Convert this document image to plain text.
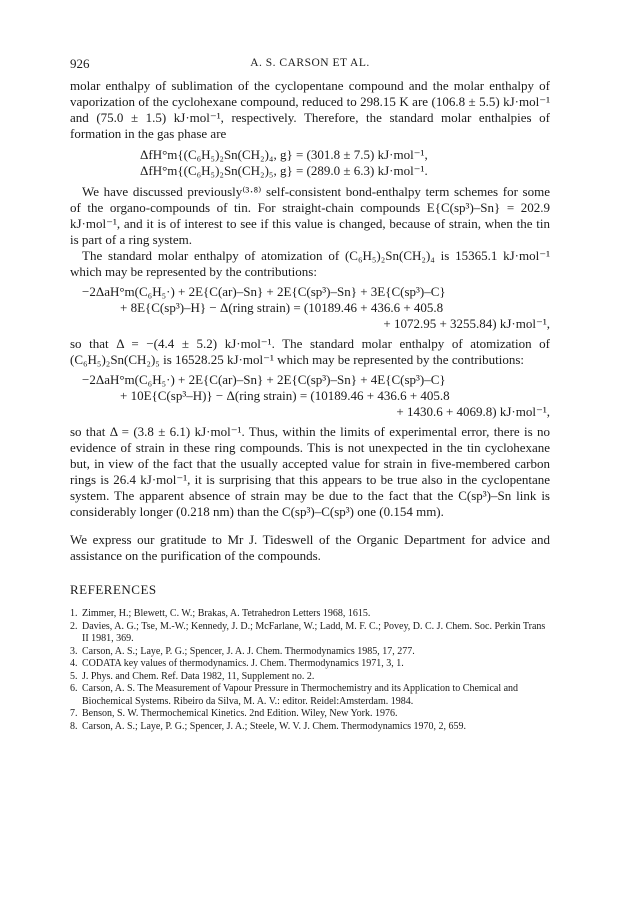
926	A. S. CARSON ET AL.

molar enthalpy of sublimation of the cyclopentane compound and the molar enthalpy of vaporization of the cyclohexane compound, reduced to 298.15 K are (106.8 ± 5.5) kJ·mol⁻¹ and (75.0 ± 1.5) kJ·mol⁻¹, respectively. Therefore, the standard molar enthalpies of formation in the gas phase are

ΔfH°m{(C₆H₅)₂Sn(CH₂)₄, g} = (301.8 ± 7.5) kJ·mol⁻¹,
ΔfH°m{(C₆H₅)₂Sn(CH₂)₅, g} = (289.0 ± 6.3) kJ·mol⁻¹.

We have discussed previously⁽³·⁸⁾ self-consistent bond-enthalpy term schemes for some of the organo-compounds of tin. For straight-chain compounds E{C(sp³)–Sn} = 202.9 kJ·mol⁻¹, and it is of interest to see if this value is changed, because of strain, when the tin is part of a ring system.

The standard molar enthalpy of atomization of (C₆H₅)₂Sn(CH₂)₄ is 15365.1 kJ·mol⁻¹ which may be represented by the contributions:

−2ΔaH°m(C₆H₅·) + 2E{C(ar)–Sn} + 2E{C(sp³)–Sn} + 3E{C(sp³)–C}
+ 8E{C(sp³)–H} − Δ(ring strain) = (10189.46 + 436.6 + 405.8
+ 1072.95 + 3255.84) kJ·mol⁻¹,

so that Δ = −(4.4 ± 5.2) kJ·mol⁻¹. The standard molar enthalpy of atomization of (C₆H₅)₂Sn(CH₂)₅ is 16528.25 kJ·mol⁻¹ which may be represented by the contributions:

−2ΔaH°m(C₆H₅·) + 2E{C(ar)–Sn} + 2E{C(sp³)–Sn} + 4E{C(sp³)–C}
+ 10E{C(sp³–H)} − Δ(ring strain) = (10189.46 + 436.6 + 405.8
+ 1430.6 + 4069.8) kJ·mol⁻¹,

so that Δ = (3.8 ± 6.1) kJ·mol⁻¹. Thus, within the limits of experimental error, there is no evidence of strain in these ring compounds. This is not unexpected in the tin cyclohexane but, in view of the fact that the usually accepted value for strain in five-membered carbon rings is 26.4 kJ·mol⁻¹, it is surprising that this appears to be true also in the cyclopentane system. The apparent absence of strain may be due to the fact that the C(sp³)–Sn link is considerably longer (0.218 nm) than the C(sp³)–C(sp³) one (0.154 mm).

We express our gratitude to Mr J. Tideswell of the Organic Department for advice and assistance on the purification of the compounds.

REFERENCES
1. Zimmer, H.; Blewett, C. W.; Brakas, A. Tetrahedron Letters 1968, 1615.
2. Davies, A. G.; Tse, M.-W.; Kennedy, J. D.; McFarlane, W.; Ladd, M. F. C.; Povey, D. C. J. Chem. Soc. Perkin Trans II 1981, 369.
3. Carson, A. S.; Laye, P. G.; Spencer, J. A. J. Chem. Thermodynamics 1985, 17, 277.
4. CODATA key values of thermodynamics. J. Chem. Thermodynamics 1971, 3, 1.
5. J. Phys. and Chem. Ref. Data 1982, 11, Supplement no. 2.
6. Carson, A. S. The Measurement of Vapour Pressure in Thermochemistry and its Application to Chemical and Biochemical Systems. Ribeiro da Silva, M. A. V.: editor. Reidel:Amsterdam. 1984.
7. Benson, S. W. Thermochemical Kinetics. 2nd Edition. Wiley, New York. 1976.
8. Carson, A. S.; Laye, P. G.; Spencer, J. A.; Steele, W. V. J. Chem. Thermodynamics 1970, 2, 659.
